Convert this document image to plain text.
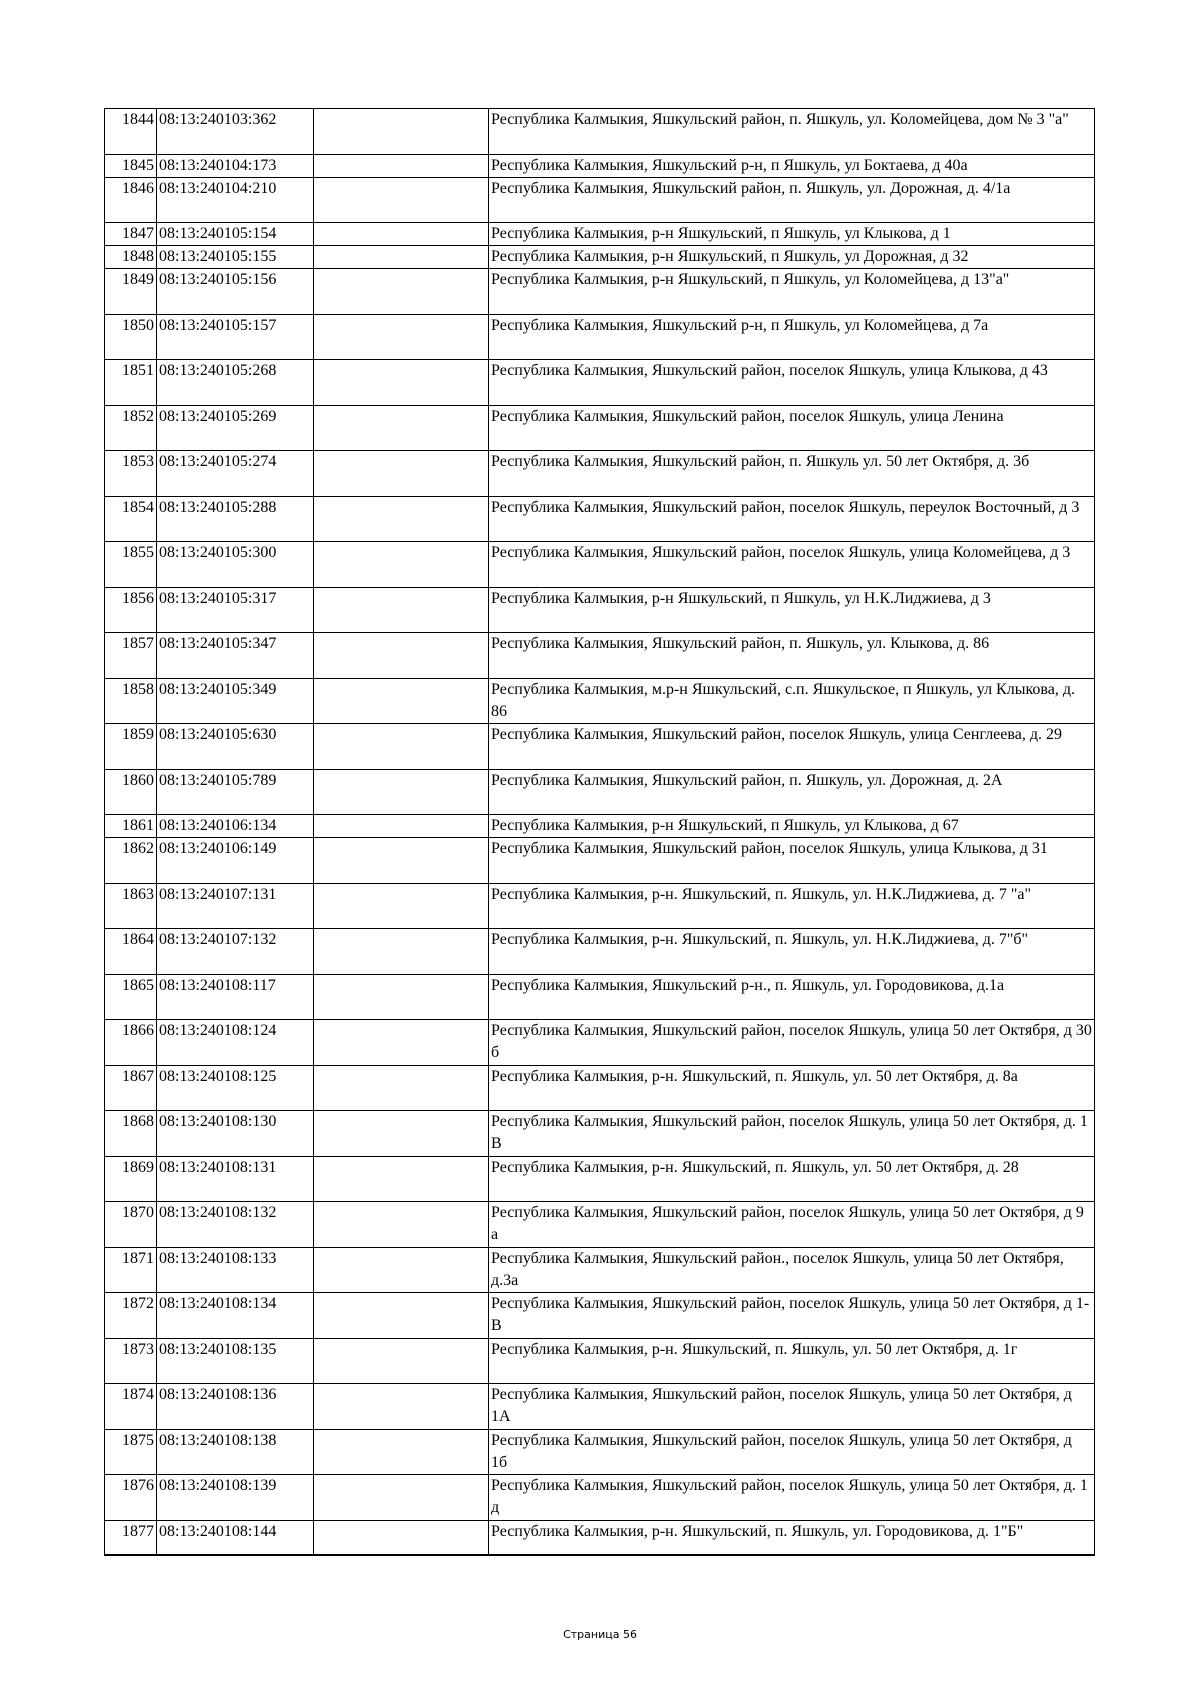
1844	08:13:240103:362		Республика Калмыкия, Яшкульский район, п. Яшкуль, ул. Коломейцева, дом № 3 "а"
1845	08:13:240104:173		Республика Калмыкия, Яшкульский р-н, п Яшкуль, ул Боктаева, д 40а
1846	08:13:240104:210		Республика Калмыкия, Яшкульский район, п. Яшкуль, ул. Дорожная, д. 4/1а
1847	08:13:240105:154		Республика Калмыкия, р-н Яшкульский, п Яшкуль, ул Клыкова, д 1
1848	08:13:240105:155		Республика Калмыкия, р-н Яшкульский, п Яшкуль, ул Дорожная, д 32
1849	08:13:240105:156		Республика Калмыкия, р-н Яшкульский, п Яшкуль, ул Коломейцева, д 13"а"
1850	08:13:240105:157		Республика Калмыкия, Яшкульский р-н, п Яшкуль, ул Коломейцева, д 7а
1851	08:13:240105:268		Республика Калмыкия, Яшкульский район, поселок Яшкуль, улица Клыкова, д 43
1852	08:13:240105:269		Республика Калмыкия, Яшкульский район, поселок Яшкуль, улица Ленина
1853	08:13:240105:274		Республика Калмыкия, Яшкульский район, п. Яшкуль ул. 50 лет Октября, д. 3б
1854	08:13:240105:288		Республика Калмыкия, Яшкульский район, поселок Яшкуль, переулок Восточный, д 3
1855	08:13:240105:300		Республика Калмыкия, Яшкульский район, поселок Яшкуль, улица Коломейцева, д 3
1856	08:13:240105:317		Республика Калмыкия, р-н Яшкульский, п Яшкуль, ул Н.К.Лиджиева, д 3
1857	08:13:240105:347		Республика Калмыкия, Яшкульский район, п. Яшкуль, ул. Клыкова, д. 86
1858	08:13:240105:349		Республика Калмыкия, м.р-н Яшкульский, с.п. Яшкульское, п Яшкуль, ул Клыкова, д. 86
1859	08:13:240105:630		Республика Калмыкия, Яшкульский район, поселок Яшкуль, улица Сенглеева, д. 29
1860	08:13:240105:789		Республика Калмыкия, Яшкульский район, п. Яшкуль, ул. Дорожная, д. 2А
1861	08:13:240106:134		Республика Калмыкия, р-н Яшкульский, п Яшкуль, ул Клыкова, д 67
1862	08:13:240106:149		Республика Калмыкия, Яшкульский район, поселок Яшкуль, улица Клыкова, д 31
1863	08:13:240107:131		Республика Калмыкия, р-н. Яшкульский, п. Яшкуль, ул. Н.К.Лиджиева, д. 7 "а"
1864	08:13:240107:132		Республика Калмыкия, р-н. Яшкульский, п. Яшкуль, ул. Н.К.Лиджиева, д. 7"б"
1865	08:13:240108:117		Республика Калмыкия, Яшкульский р-н., п. Яшкуль, ул. Городовикова, д.1а
1866	08:13:240108:124		Республика Калмыкия, Яшкульский район, поселок Яшкуль, улица 50 лет Октября, д 30 б
1867	08:13:240108:125		Республика Калмыкия, р-н. Яшкульский, п. Яшкуль, ул. 50 лет Октября, д. 8а
1868	08:13:240108:130		Республика Калмыкия, Яшкульский район, поселок Яшкуль, улица 50 лет Октября, д. 1 В
1869	08:13:240108:131		Республика Калмыкия, р-н. Яшкульский, п. Яшкуль, ул. 50 лет Октября, д. 28
1870	08:13:240108:132		Республика Калмыкия, Яшкульский район, поселок Яшкуль, улица 50 лет Октября, д 9 а
1871	08:13:240108:133		Республика Калмыкия, Яшкульский район., поселок Яшкуль, улица 50 лет Октября, д.3а
1872	08:13:240108:134		Республика Калмыкия, Яшкульский район, поселок Яшкуль, улица 50 лет Октября, д 1-В
1873	08:13:240108:135		Республика Калмыкия, р-н. Яшкульский, п. Яшкуль, ул. 50 лет Октября, д. 1г
1874	08:13:240108:136		Республика Калмыкия, Яшкульский район, поселок Яшкуль, улица 50 лет Октября, д 1А
1875	08:13:240108:138		Республика Калмыкия, Яшкульский район, поселок Яшкуль, улица 50 лет Октября, д 1б
1876	08:13:240108:139		Республика Калмыкия, Яшкульский район, поселок Яшкуль, улица 50 лет Октября, д. 1 д
1877	08:13:240108:144		Республика Калмыкия, р-н. Яшкульский, п. Яшкуль, ул. Городовикова, д. 1"Б"
Страница 56
